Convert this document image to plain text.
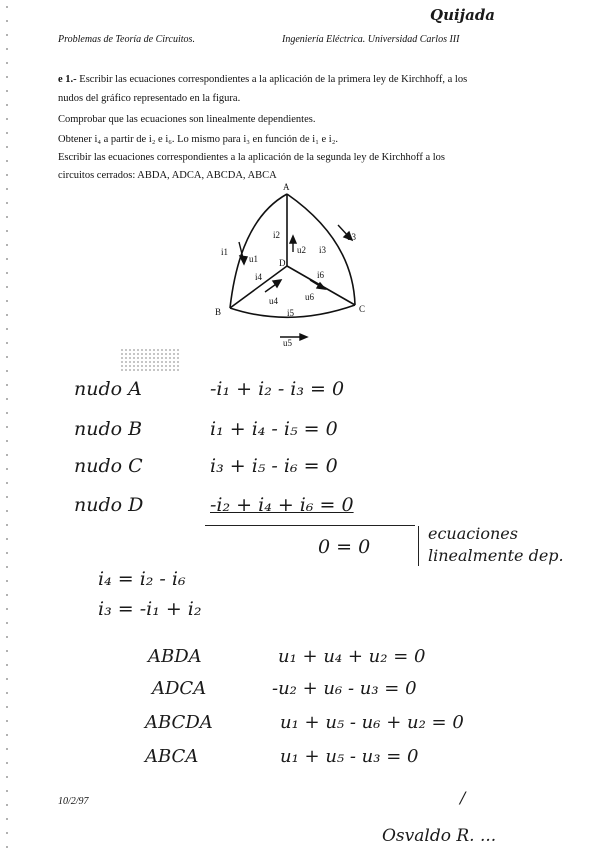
Quijada
Problemas de Teoría de Circuitos.	Ingeniería Eléctrica. Universidad Carlos III
e 1.- Escribir las ecuaciones correspondientes a la aplicación de la primera ley de Kirchhoff, a los
nudos del gráfico representado en la figura.
Comprobar que las ecuaciones son linealmente dependientes.
Obtener i₄ a partir de i₂ e i₆. Lo mismo para i₃ en función de i₁ e i₂.
Escribir las ecuaciones correspondientes a la aplicación de la segunda ley de Kirchhoff a los
circuitos cerrados: ABDA, ADCA, ABCDA, ABCA
A
B	C
D
i1
u1
i2
u2 i3
u3
i4
u4
i5
u5
i6
u6
nudo A	-i₁ + i₂ - i₃ = 0
nudo B	i₁ + i₄ - i₅ = 0
nudo C	i₃ + i₅ - i₆ = 0
nudo D	-i₂ + i₄ + i₆ = 0
0 = 0
ecuaciones
linealmente dep.
i₄ = i₂ - i₆
i₃ = -i₁ + i₂
ABDA	u₁ + u₄ + u₂ = 0
ADCA	-u₂ + u₆ - u₃ = 0
ABCDA	u₁ + u₅ - u₆ + u₂ = 0
ABCA	u₁ + u₅ - u₃ = 0
10/2/97	/
Osvaldo R. ...
